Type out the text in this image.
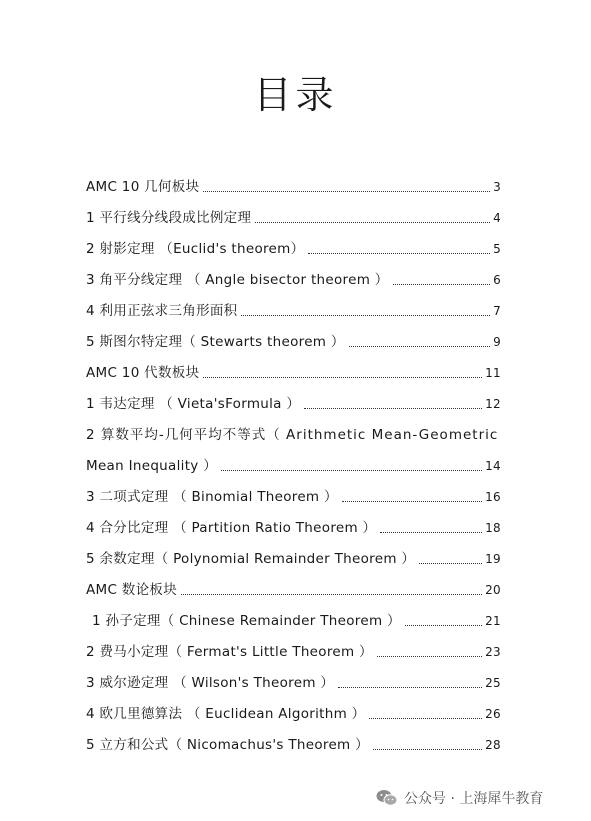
目录
AMC 10 几何板块	3
1 平行线分线段成比例定理	4
2 射影定理 （Euclid's theorem）	5
3 角平分线定理 （ Angle bisector theorem ）	6
4 利用正弦求三角形面积	7
5 斯图尔特定理（ Stewarts theorem ）	9
AMC 10 代数板块	11
1 韦达定理 （ Vieta'sFormula ）	12
2 算数平均-几何平均不等式（ Arithmetic Mean-Geometric
Mean Inequality ）	14
3 二项式定理 （ Binomial Theorem ）	16
4 合分比定理 （ Partition Ratio Theorem ）	18
5 余数定理（ Polynomial Remainder Theorem ）	19
AMC 数论板块	20
1 孙子定理（ Chinese Remainder Theorem ）	21
2 费马小定理（ Fermat's Little Theorem ）	23
3 威尔逊定理 （ Wilson's Theorem ）	25
4 欧几里德算法 （ Euclidean Algorithm ）	26
5 立方和公式（ Nicomachus's Theorem ）	28
公众号 · 上海犀牛教育
